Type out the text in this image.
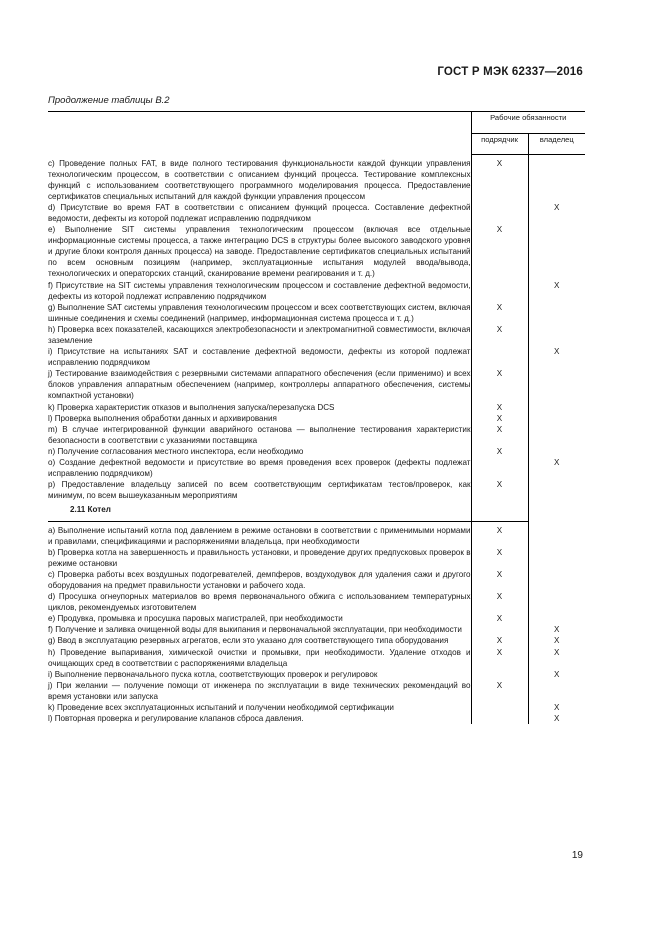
ГОСТ Р МЭК 62337—2016
Продолжение таблицы В.2
	Рабочие обязанности	
	подрядчик	владелец
c) Проведение полных FAT, в виде полного тестирования функциональности каждой функции управления технологическим процессом, в соответствии с описанием функций процесса. Тестирование комплексных функций с использованием соответствующего программного моделирования процесса. Предоставление сертификатов специальных испытаний для каждой функции управления процессом	X	
d) Присутствие во время FAT в соответствии с описанием функций процесса. Составление дефектной ведомости, дефекты из которой подлежат исправлению подрядчиком		X
e) Выполнение SIT системы управления технологическим процессом (включая все отдельные информационные системы процесса, а также интеграцию DCS в структуры более высокого заводского уровня и другие блоки контроля данных процесса) на заводе. Предоставление сертификатов специальных испытаний по всем основным позициям (например, эксплуатационные испытания модулей ввода/вывода, технологических и операторских станций, сканирование времени реагирования и т. д.)	X	
f) Присутствие на SIT системы управления технологическим процессом и составление дефектной ведомости, дефекты из которой подлежат исправлению подрядчиком		X
g) Выполнение SAT системы управления технологическим процессом и всех соответствующих систем, включая шинные соединения и схемы соединений (например, информационная система процесса и т. д.)	X	
h) Проверка всех показателей, касающихся электробезопасности и электромагнитной совместимости, включая заземление	X	
i) Присутствие на испытаниях SAT и составление дефектной ведомости, дефекты из которой подлежат исправлению подрядчиком		X
j) Тестирование взаимодействия с резервными системами аппаратного обеспечения (если применимо) и всех блоков управления аппаратным обеспечением (например, контроллеры аппаратного обеспечения, системы компактной установки)	X	
k) Проверка характеристик отказов и выполнения запуска/перезапуска DCS	X	
l) Проверка выполнения обработки данных и архивирования	X	
m) В случае интегрированной функции аварийного останова — выполнение тестирования характеристик безопасности в соответствии с указаниями поставщика	X	
n) Получение согласования местного инспектора, если необходимо	X	
o) Создание дефектной ведомости и присутствие во время проведения всех проверок (дефекты подлежат исправлению подрядчиком)		X
p) Предоставление владельцу записей по всем соответствующим сертификатам тестов/проверок, как минимум, по всем вышеуказанным мероприятиям	X	
2.11 Котел		
a) Выполнение испытаний котла под давлением в режиме остановки в соответствии с применимыми нормами и правилами, спецификациями и распоряжениями владельца, при необходимости	X	
b) Проверка котла на завершенность и правильность установки, и проведение других предпусковых проверок в режиме остановки	X	
c) Проверка работы всех воздушных подогревателей, демпферов, воздуходувок для удаления сажи и другого оборудования на предмет правильности установки и рабочего хода.	X	
d) Просушка огнеупорных материалов во время первоначального обжига с использованием температурных циклов, рекомендуемых изготовителем	X	
e) Продувка, промывка и просушка паровых магистралей, при необходимости	X	
f) Получение и заливка очищенной воды для выкипания и первоначальной эксплуатации, при необходимости		X
g) Ввод в эксплуатацию резервных агрегатов, если это указано для соответствующего типа оборудования	X	X
h) Проведение выпаривания, химической очистки и промывки, при необходимости. Удаление отходов и очищающих сред в соответствии с распоряжениями владельца	X	X
i) Выполнение первоначального пуска котла, соответствующих проверок и регулировок		X
j) При желании — получение помощи от инженера по эксплуатации в виде технических рекомендаций во время установки или запуска	X	
k) Проведение всех эксплуатационных испытаний и получении необходимой сертификации		X
l) Повторная проверка и регулирование клапанов сброса давления.		X
19
